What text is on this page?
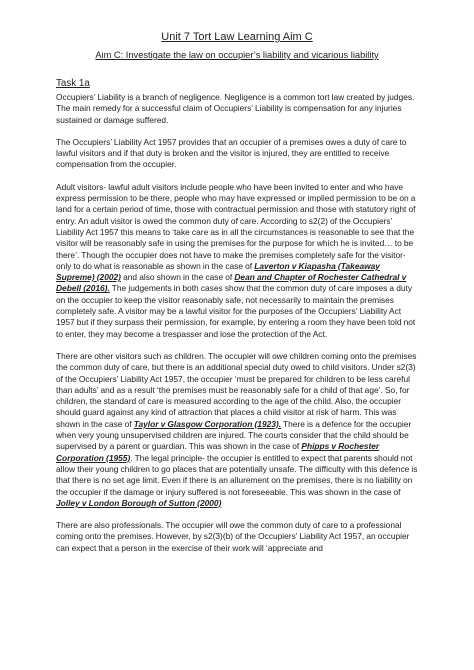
Unit 7 Tort Law Learning Aim C
Aim C: Investigate the law on occupier’s liability and vicarious liability
Task 1a

Occupiers’ Liability is a branch of negligence. Negligence is a common tort law created by judges. The main remedy for a successful claim of Occupiers’ Liability is compensation for any injuries sustained or damage suffered.

The Occupiers’ Liability Act 1957 provides that an occupier of a premises owes a duty of care to lawful visitors and if that duty is broken and the visitor is injured, they are entitled to receive compensation from the occupier.

Adult visitors- lawful adult visitors include people who have been invited to enter and who have express permission to be there, people who may have expressed or implied permission to be on a land for a certain period of time, those with contractual permission and those with statutory right of entry. An adult visitor is owed the common duty of care. According to s2(2) of the Occupiers’ Liability Act 1957 this means to ‘take care as in all the circumstances is reasonable to see that the visitor will be reasonably safe in using the premises for the purpose for which he is invited… to be there’. Though the occupier does not have to make the premises completely safe for the visitor- only to do what is reasonable as shown in the case of Laverton v Kiapasha (Takeaway Supreme) (2002) and also shown in the case of Dean and Chapter of Rochester Cathedral v Debell (2016). The judgements in both cases show that the common duty of care imposes a duty on the occupier to keep the visitor reasonably safe, not necessarily to maintain the premises completely safe. A visitor may be a lawful visitor for the purposes of the Occupiers’ Liability Act 1957 but if they surpass their permission, for example, by entering a room they have been told not to enter, they may become a trespasser and lose the protection of the Act.

There are other visitors such as children. The occupier will owe children coming onto the premises the common duty of care, but there is an additional special duty owed to child visitors. Under s2(3) of the Occupiers’ Liability Act 1957, the occupier ‘must be prepared for children to be less careful than adults’ and as a result ‘the premises must be reasonably safe for a child of that age’. So, for children, the standard of care is measured according to the age of the child. Also, the occupier should guard against any kind of attraction that places a child visitor at risk of harm. This was shown in the case of Taylor v Glasgow Corporation (1923). There is a defence for the occupier when very young unsupervised children are injured. The courts consider that the child should be supervised by a parent or guardian. This was shown in the case of Phipps v Rochester Corporation (1955). The legal principle- the occupier is entitled to expect that parents should not allow their young children to go places that are potentially unsafe. The difficulty with this defence is that there is no set age limit. Even if there is an allurement on the premises, there is no liability on the occupier if the damage or injury suffered is not foreseeable. This was shown in the case of Jolley v London Borough of Sutton (2000)

There are also professionals. The occupier will owe the common duty of care to a professional coming onto the premises. However, by s2(3)(b) of the Occupiers’ Liability Act 1957, an occupier can expect that a person in the exercise of their work will ‘appreciate and
